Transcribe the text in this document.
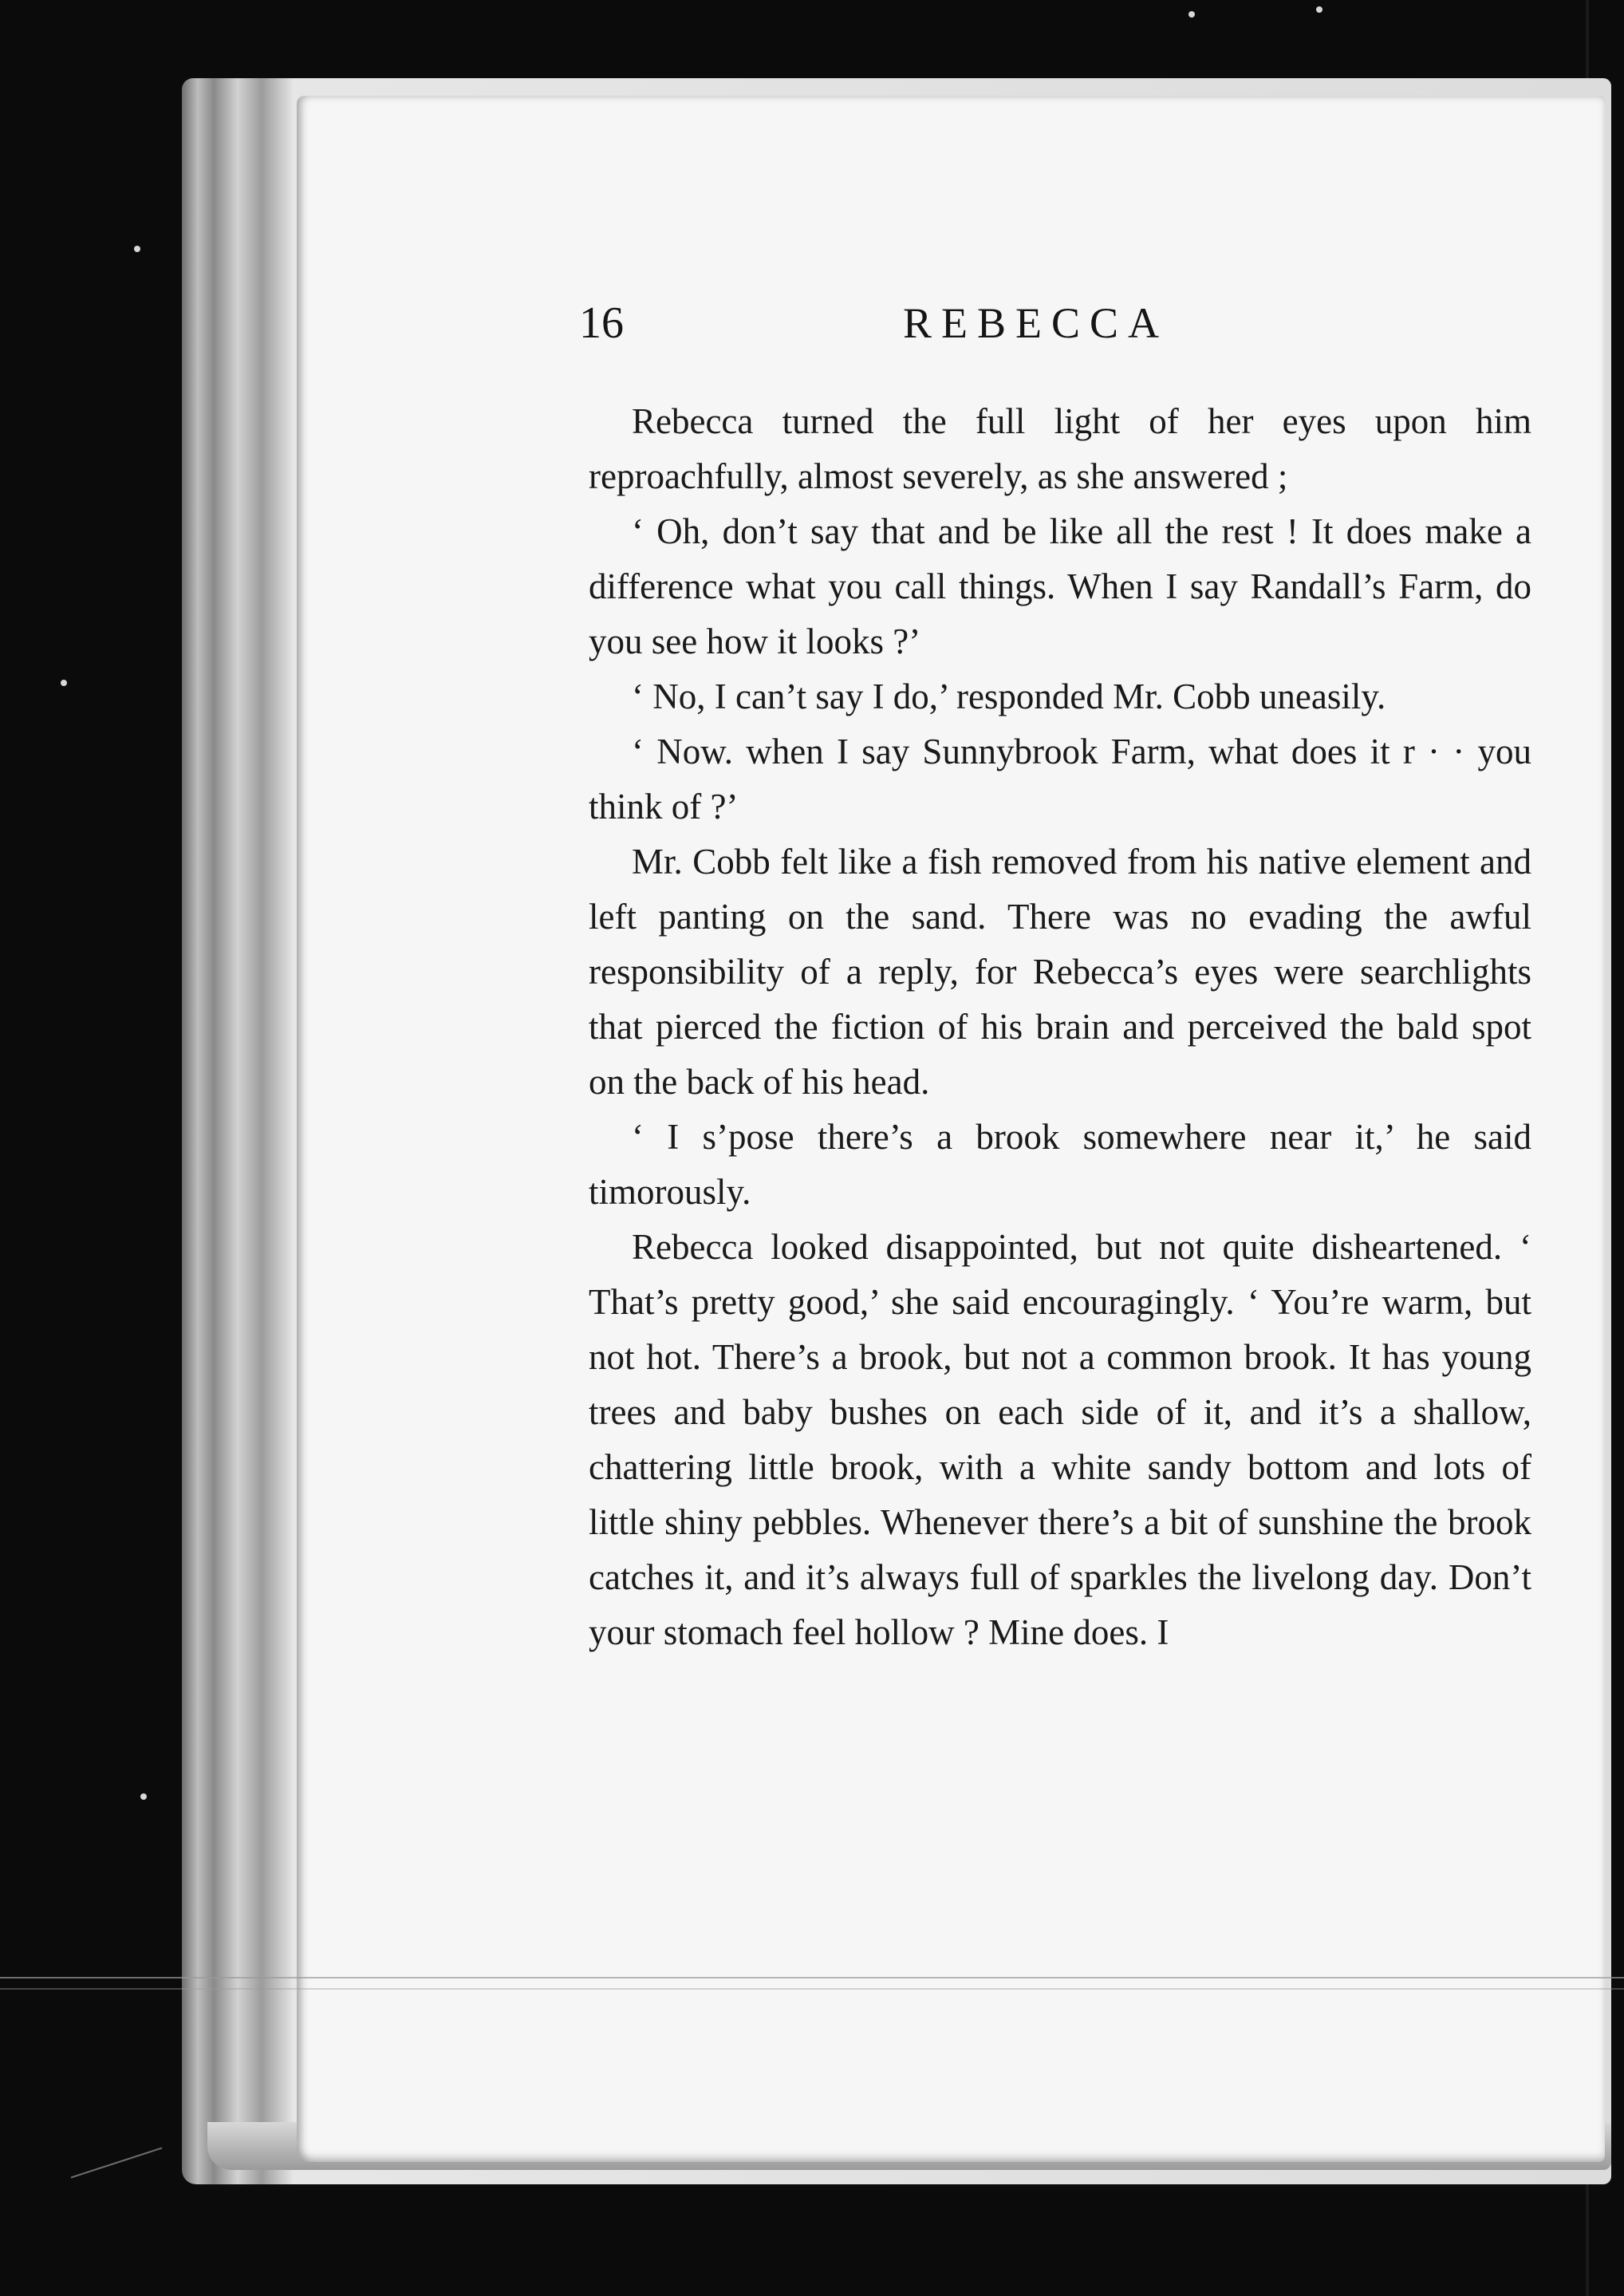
16	REBECCA

Rebecca turned the full light of her eyes upon him reproachfully, almost severely, as she answered ;

‘ Oh, don’t say that and be like all the rest ! It does make a difference what you call things. When I say Randall’s Farm, do you see how it looks ?’

‘ No, I can’t say I do,’ responded Mr. Cobb uneasily.

‘ Now. when I say Sunnybrook Farm, what does it r · · you think of ?’

Mr. Cobb felt like a fish removed from his native element and left panting on the sand. There was no evading the awful responsibility of a reply, for Rebecca’s eyes were searchlights that pierced the fiction of his brain and perceived the bald spot on the back of his head.

‘ I s’pose there’s a brook somewhere near it,’ he said timorously.

Rebecca looked disappointed, but not quite disheartened. ‘ That’s pretty good,’ she said encouragingly. ‘ You’re warm, but not hot. There’s a brook, but not a common brook. It has young trees and baby bushes on each side of it, and it’s a shallow, chattering little brook, with a white sandy bottom and lots of little shiny pebbles. Whenever there’s a bit of sunshine the brook catches it, and it’s always full of sparkles the livelong day. Don’t your stomach feel hollow ? Mine does. I
